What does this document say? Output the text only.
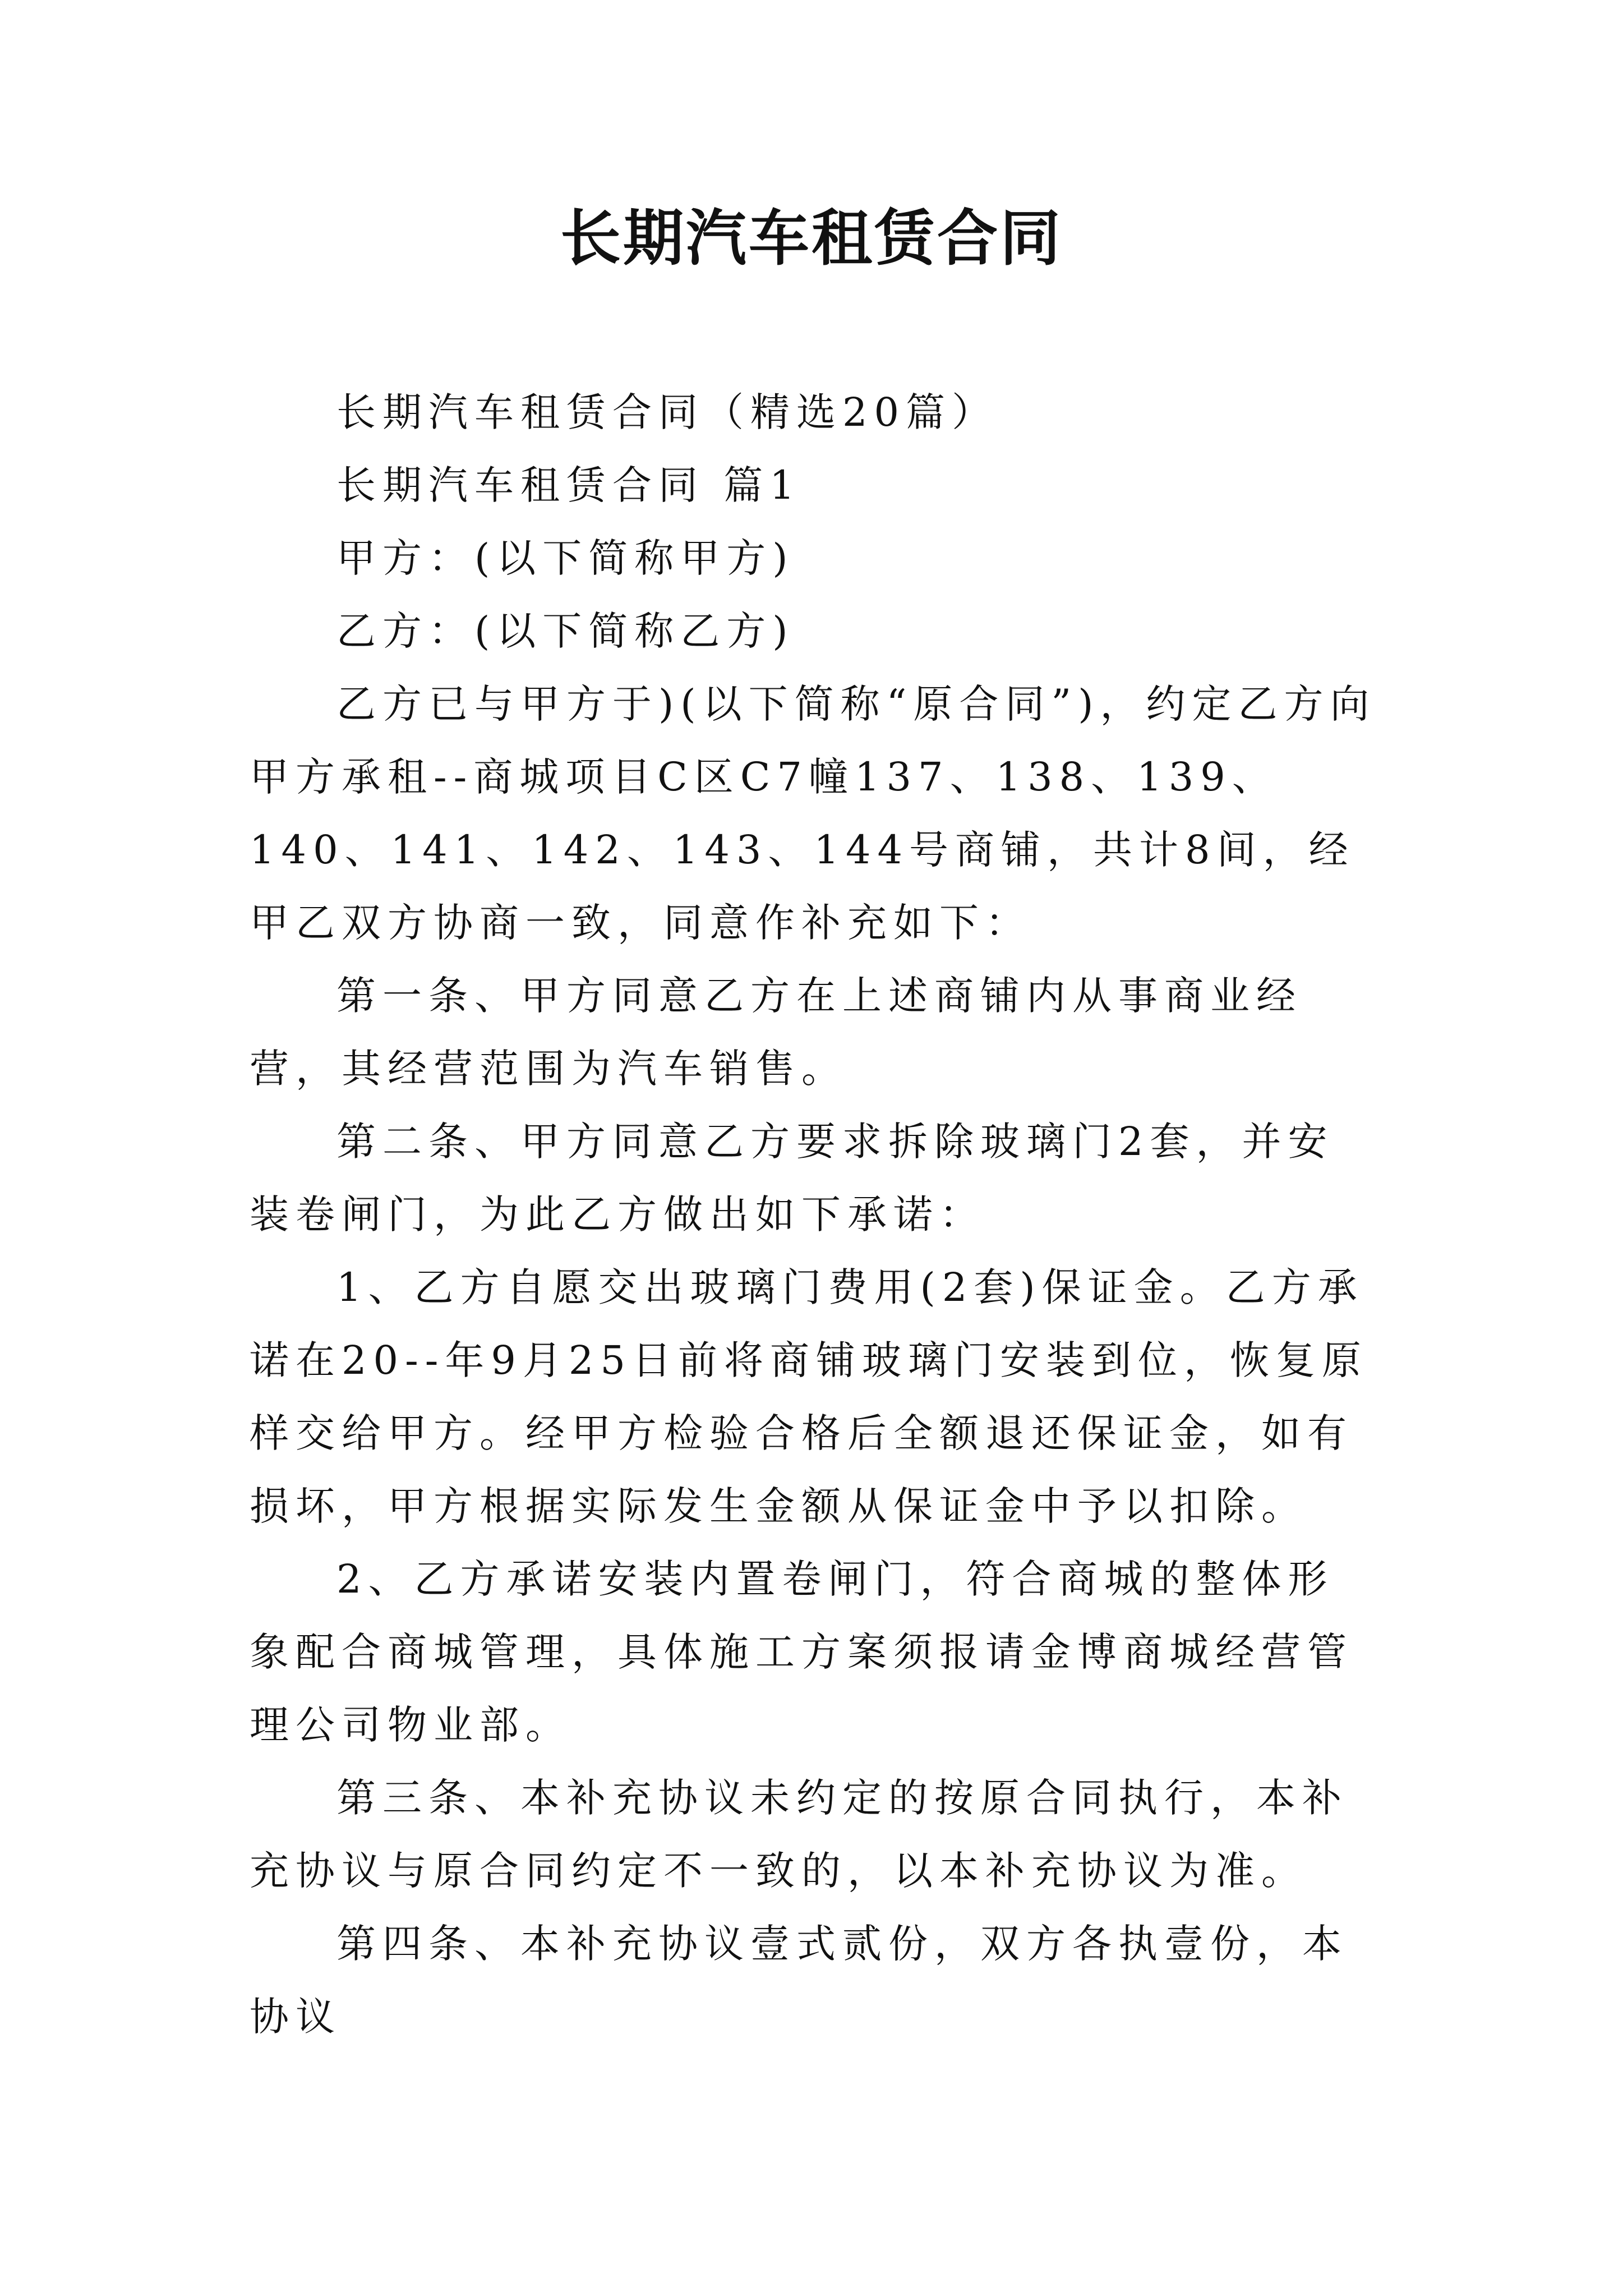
长期汽车租赁合同

长期汽车租赁合同（精选20篇）

长期汽车租赁合同 篇1

甲方：(以下简称甲方)

乙方：(以下简称乙方)

乙方已与甲方于)(以下简称“原合同”)，约定乙方向甲方承租--商城项目C区C7幢137、138、139、140、141、142、143、144号商铺，共计8间，经甲乙双方协商一致，同意作补充如下：

第一条、甲方同意乙方在上述商铺内从事商业经营，其经营范围为汽车销售。

第二条、甲方同意乙方要求拆除玻璃门2套，并安装卷闸门，为此乙方做出如下承诺：

1、乙方自愿交出玻璃门费用(2套)保证金。乙方承诺在20--年9月25日前将商铺玻璃门安装到位，恢复原样交给甲方。经甲方检验合格后全额退还保证金，如有损坏，甲方根据实际发生金额从保证金中予以扣除。

2、乙方承诺安装内置卷闸门，符合商城的整体形象配合商城管理，具体施工方案须报请金博商城经营管理公司物业部。

第三条、本补充协议未约定的按原合同执行，本补充协议与原合同约定不一致的，以本补充协议为准。

第四条、本补充协议壹式贰份，双方各执壹份，本协议
